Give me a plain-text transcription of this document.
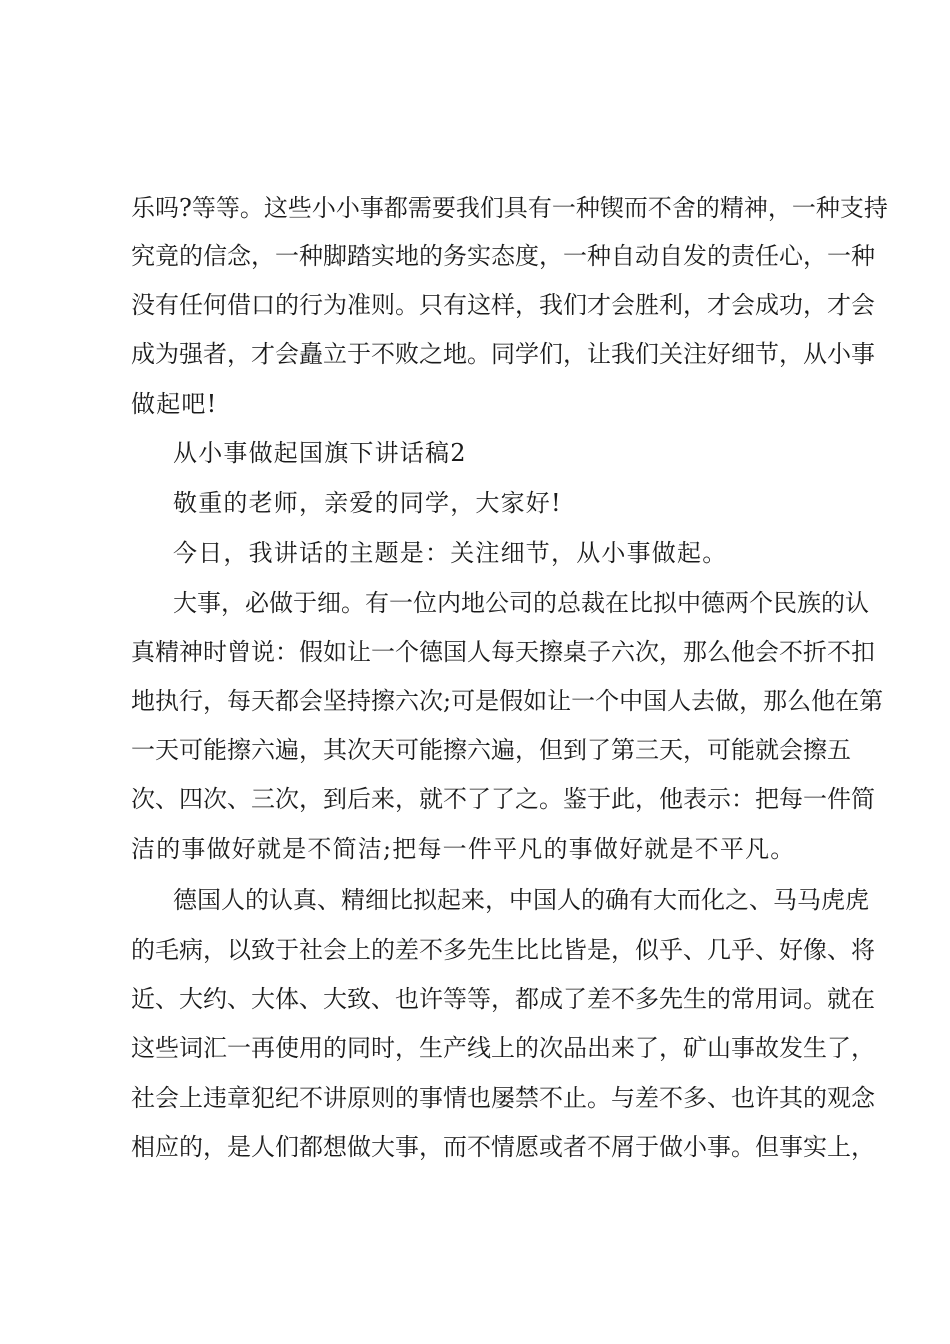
乐吗?等等。这些小小事都需要我们具有一种锲而不舍的精神，一种支持

究竟的信念，一种脚踏实地的务实态度，一种自动自发的责任心，一种

没有任何借口的行为准则。只有这样，我们才会胜利，才会成功，才会

成为强者，才会矗立于不败之地。同学们，让我们关注好细节，从小事

做起吧!

从小事做起国旗下讲话稿2

敬重的老师，亲爱的同学，大家好!

今日，我讲话的主题是：关注细节，从小事做起。

大事，必做于细。有一位内地公司的总裁在比拟中德两个民族的认

真精神时曾说：假如让一个德国人每天擦桌子六次，那么他会不折不扣

地执行，每天都会坚持擦六次;可是假如让一个中国人去做，那么他在第

一天可能擦六遍，其次天可能擦六遍，但到了第三天，可能就会擦五

次、四次、三次，到后来，就不了了之。鉴于此，他表示：把每一件简

洁的事做好就是不简洁;把每一件平凡的事做好就是不平凡。

德国人的认真、精细比拟起来，中国人的确有大而化之、马马虎虎

的毛病，以致于社会上的差不多先生比比皆是，似乎、几乎、好像、将

近、大约、大体、大致、也许等等，都成了差不多先生的常用词。就在

这些词汇一再使用的同时，生产线上的次品出来了，矿山事故发生了，

社会上违章犯纪不讲原则的事情也屡禁不止。与差不多、也许其的观念

相应的，是人们都想做大事，而不情愿或者不屑于做小事。但事实上，
